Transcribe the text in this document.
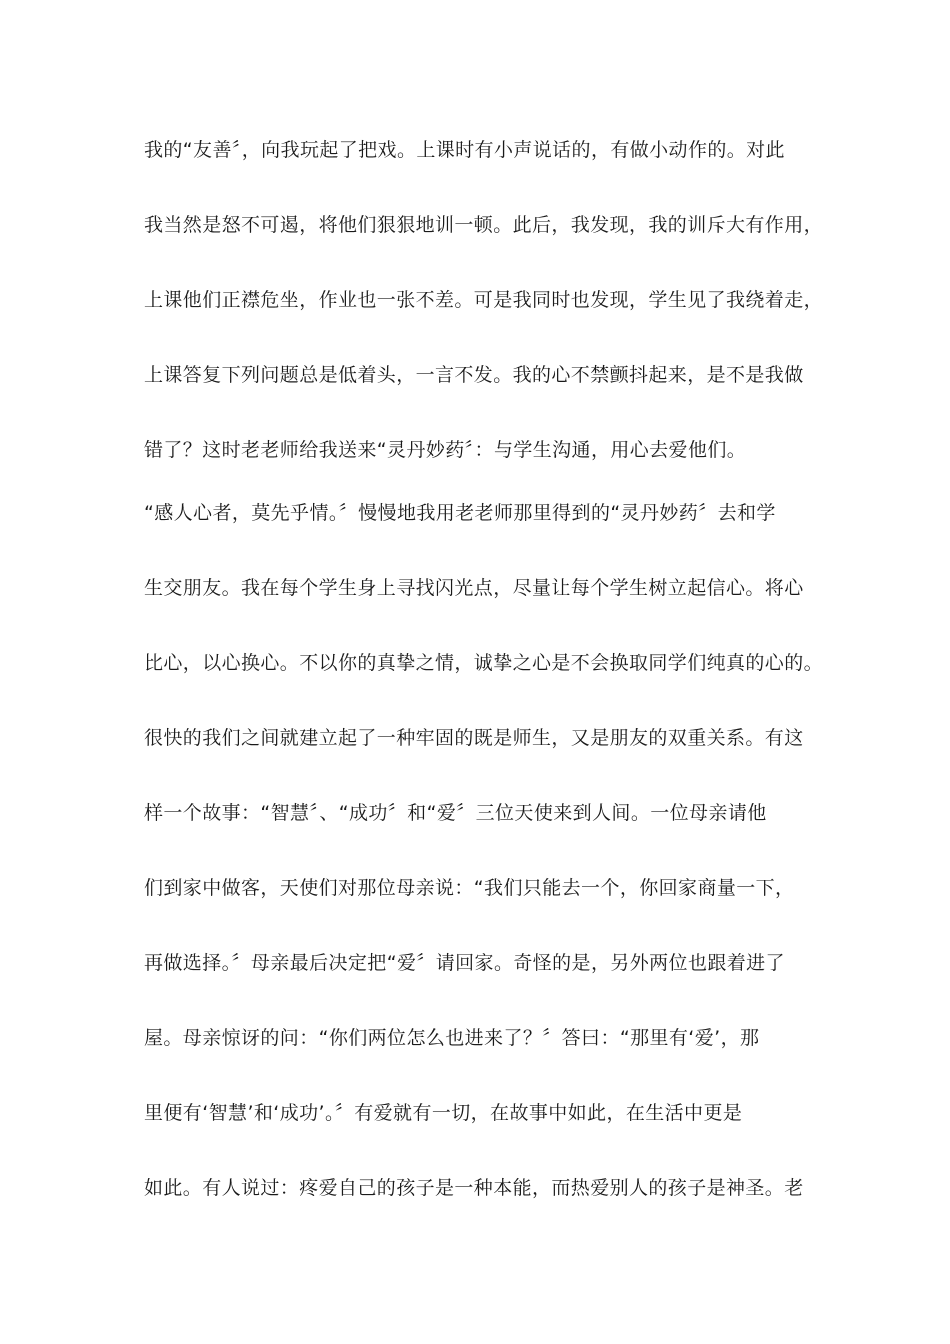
我的“友善〞，向我玩起了把戏。上课时有小声说话的，有做小动作的。对此
我当然是怒不可遏，将他们狠狠地训一顿。此后，我发现，我的训斥大有作用，
上课他们正襟危坐，作业也一张不差。可是我同时也发现，学生见了我绕着走，
上课答复下列问题总是低着头，一言不发。我的心不禁颤抖起来，是不是我做
错了？这时老老师给我送来“灵丹妙药〞：与学生沟通，用心去爱他们。
“感人心者，莫先乎情。〞慢慢地我用老老师那里得到的“灵丹妙药〞去和学
生交朋友。我在每个学生身上寻找闪光点，尽量让每个学生树立起信心。将心
比心，以心换心。不以你的真挚之情，诚挚之心是不会换取同学们纯真的心的。
很快的我们之间就建立起了一种牢固的既是师生，又是朋友的双重关系。有这
样一个故事：“智慧〞、“成功〞和“爱〞三位天使来到人间。一位母亲请他
们到家中做客，天使们对那位母亲说：“我们只能去一个，你回家商量一下，
再做选择。〞母亲最后决定把“爱〞请回家。奇怪的是，另外两位也跟着进了
屋。母亲惊讶的问：“你们两位怎么也进来了？〞答曰：“那里有‘爱’，那
里便有‘智慧’和‘成功’。〞有爱就有一切，在故事中如此，在生活中更是
如此。有人说过：疼爱自己的孩子是一种本能，而热爱别人的孩子是神圣。老
